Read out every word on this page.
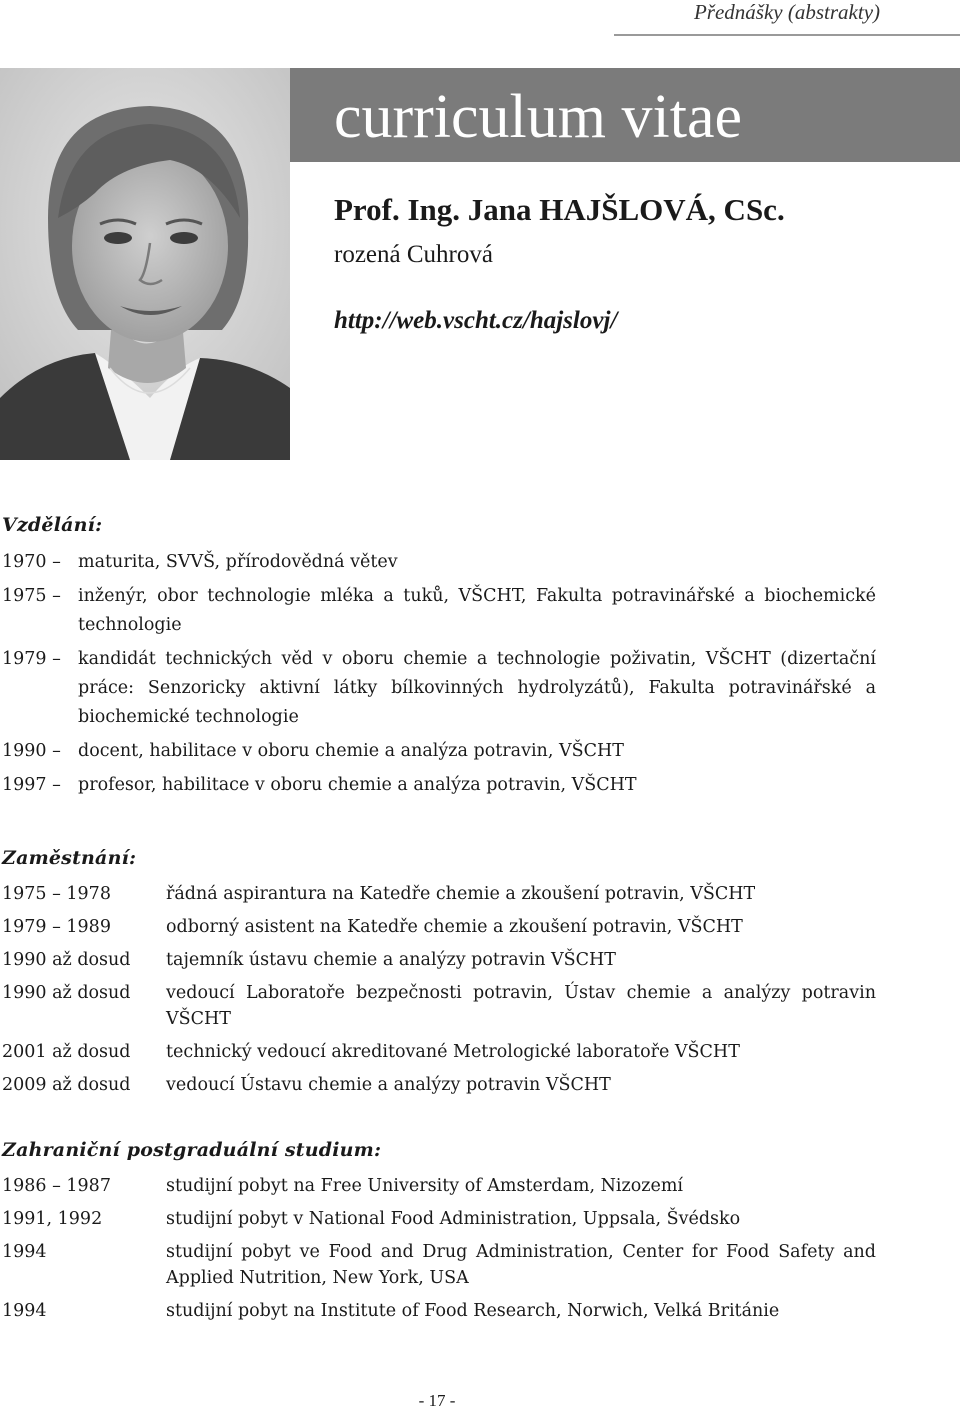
Přednášky (abstrakty)
curriculum vitae
Prof. Ing. Jana HAJŠLOVÁ, CSc.
rozená Cuhrová
http://web.vscht.cz/hajslovj/
Vzdělání:
1970 – maturita, SVVŠ, přírodovědná větev
1975 – inženýr, obor technologie mléka a tuků, VŠCHT, Fakulta potravinářské a biochemické technologie
1979 – kandidát technických věd v oboru chemie a technologie poživatin, VŠCHT (dizertační práce: Senzoricky aktivní látky bílkovinných hydrolyzátů), Fakulta potravinářské a biochemické technologie
1990 – docent, habilitace v oboru chemie a analýza potravin, VŠCHT
1997 – profesor, habilitace v oboru chemie a analýza potravin, VŠCHT
Zaměstnání:
1975 – 1978	řádná aspirantura na Katedře chemie a zkoušení potravin, VŠCHT
1979 – 1989	odborný asistent na Katedře chemie a zkoušení potravin, VŠCHT
1990 až dosud	tajemník ústavu chemie a analýzy potravin VŠCHT
1990 až dosud	vedoucí Laboratoře bezpečnosti potravin, Ústav chemie a analýzy potravin VŠCHT
2001 až dosud	technický vedoucí akreditované Metrologické laboratoře VŠCHT
2009 až dosud	vedoucí Ústavu chemie a analýzy potravin VŠCHT
Zahraniční postgraduální studium:
1986 – 1987	studijní pobyt na Free University of Amsterdam, Nizozemí
1991, 1992	studijní pobyt v National Food Administration, Uppsala, Švédsko
1994	studijní pobyt ve Food and Drug Administration, Center for Food Safety and Applied Nutrition, New York, USA
1994	studijní pobyt na Institute of Food Research, Norwich, Velká Británie
- 17 -
